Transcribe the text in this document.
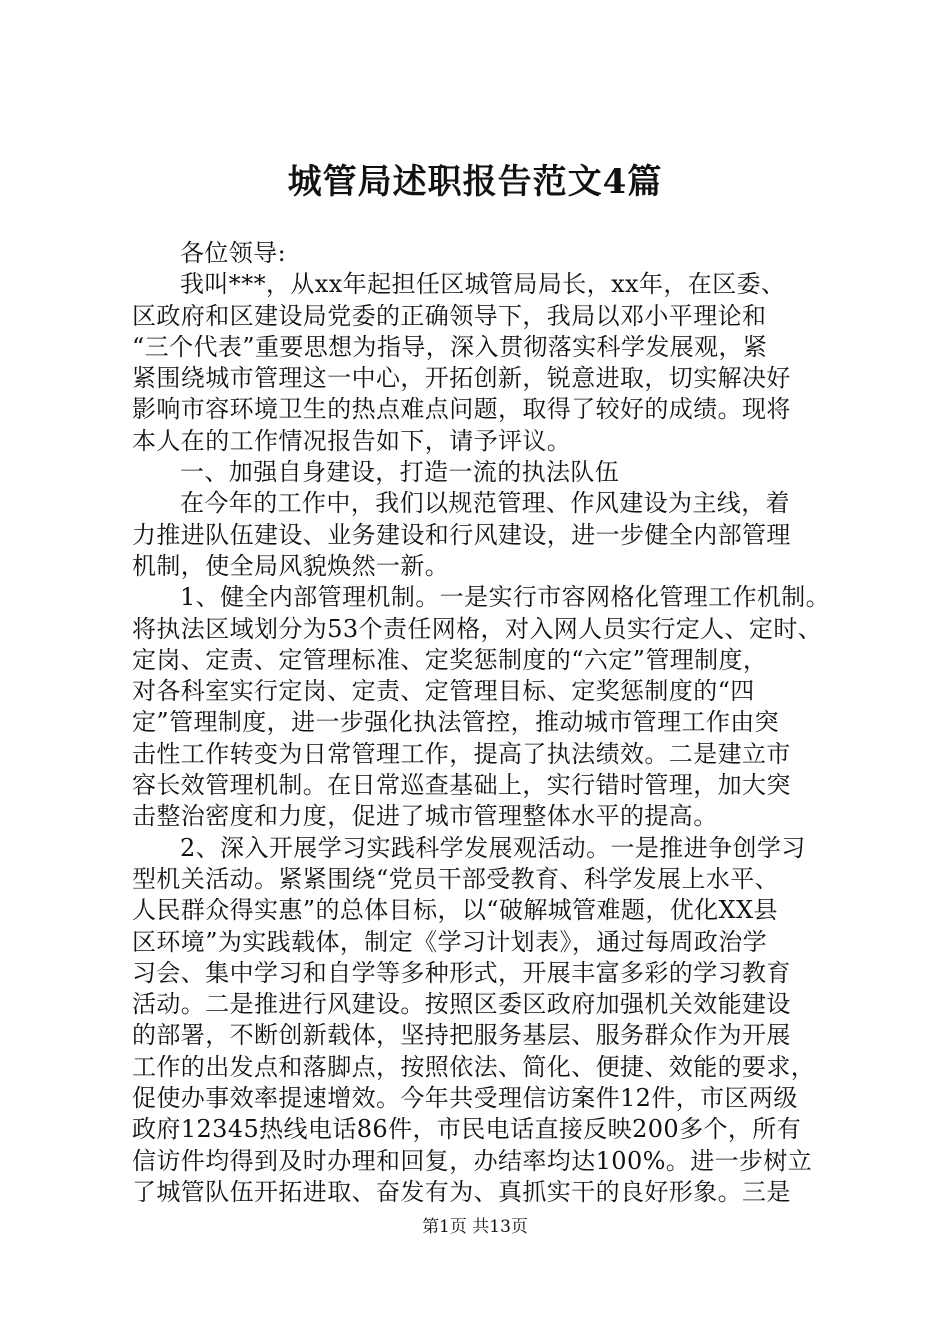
城管局述职报告范文4篇
各位领导:
我叫***，从xx年起担任区城管局局长，xx年，在区委、
区政府和区建设局党委的正确领导下，我局以邓小平理论和
“三个代表”重要思想为指导，深入贯彻落实科学发展观，紧
紧围绕城市管理这一中心，开拓创新，锐意进取，切实解决好
影响市容环境卫生的热点难点问题，取得了较好的成绩。现将
本人在的工作情况报告如下，请予评议。
一、加强自身建设，打造一流的执法队伍
在今年的工作中，我们以规范管理、作风建设为主线，着
力推进队伍建设、业务建设和行风建设，进一步健全内部管理
机制，使全局风貌焕然一新。
1、健全内部管理机制。一是实行市容网格化管理工作机制。
将执法区域划分为53个责任网格，对入网人员实行定人、定时、
定岗、定责、定管理标准、定奖惩制度的“六定”管理制度，
对各科室实行定岗、定责、定管理目标、定奖惩制度的“四
定”管理制度，进一步强化执法管控，推动城市管理工作由突
击性工作转变为日常管理工作，提高了执法绩效。二是建立市
容长效管理机制。在日常巡查基础上，实行错时管理，加大突
击整治密度和力度，促进了城市管理整体水平的提高。
2、深入开展学习实践科学发展观活动。一是推进争创学习
型机关活动。紧紧围绕“党员干部受教育、科学发展上水平、
人民群众得实惠”的总体目标，以“破解城管难题，优化XX县
区环境”为实践载体，制定《学习计划表》，通过每周政治学
习会、集中学习和自学等多种形式，开展丰富多彩的学习教育
活动。二是推进行风建设。按照区委区政府加强机关效能建设
的部署，不断创新载体，坚持把服务基层、服务群众作为开展
工作的出发点和落脚点，按照依法、简化、便捷、效能的要求，
促使办事效率提速增效。今年共受理信访案件12件，市区两级
政府12345热线电话86件，市民电话直接反映200多个，所有
信访件均得到及时办理和回复，办结率均达100%。进一步树立
了城管队伍开拓进取、奋发有为、真抓实干的良好形象。三是
第1页 共13页
